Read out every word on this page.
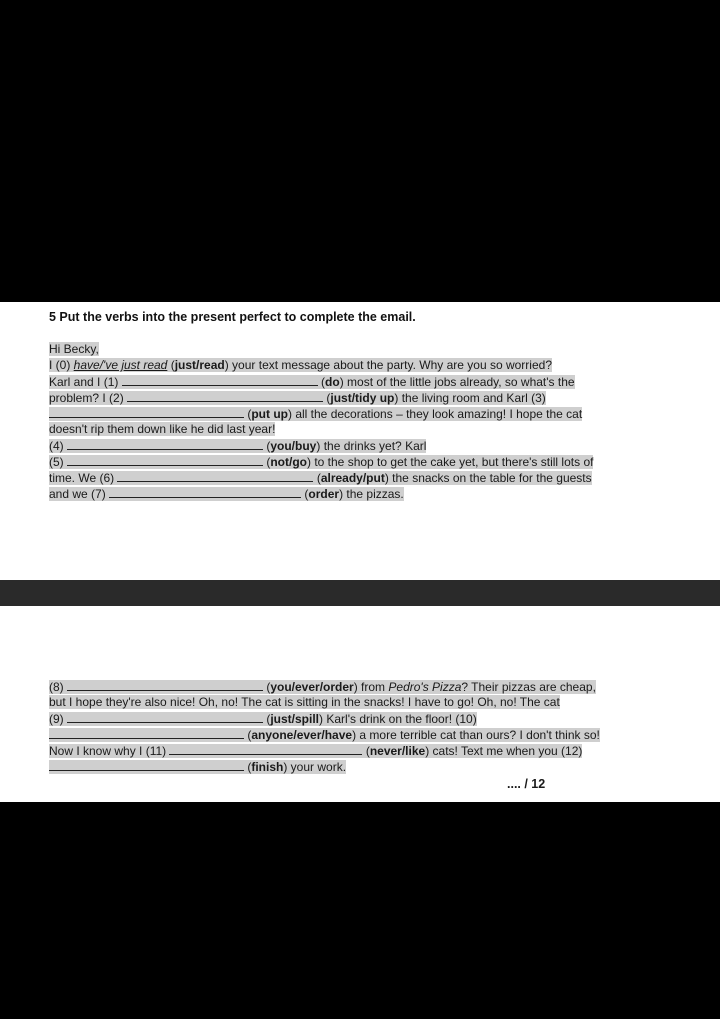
5 Put the verbs into the present perfect to complete the email.
Hi Becky,
I (0) have/'ve just read (just/read) your text message about the party. Why are you so worried?
Karl and I (1)	(do) most of the little jobs already, so what's the
problem? I (2)	(just/tidy up) the living room and Karl (3)
(put up) all the decorations – they look amazing! I hope the cat
doesn't rip them down like he did last year!
(4)	(you/buy) the drinks yet? Karl
(5)	(not/go) to the shop to get the cake yet, but there's still lots of
time. We (6)	(already/put) the snacks on the table for the guests
and we (7)	(order) the pizzas.
(8)	(you/ever/order) from Pedro's Pizza? Their pizzas are cheap,
but I hope they're also nice! Oh, no! The cat is sitting in the snacks! I have to go! Oh, no! The cat
(9)	(just/spill) Karl's drink on the floor! (10)
(anyone/ever/have) a more terrible cat than ours? I don't think so!
Now I know why I (11)	(never/like) cats! Text me when you (12)
(finish) your work.
.... / 12
